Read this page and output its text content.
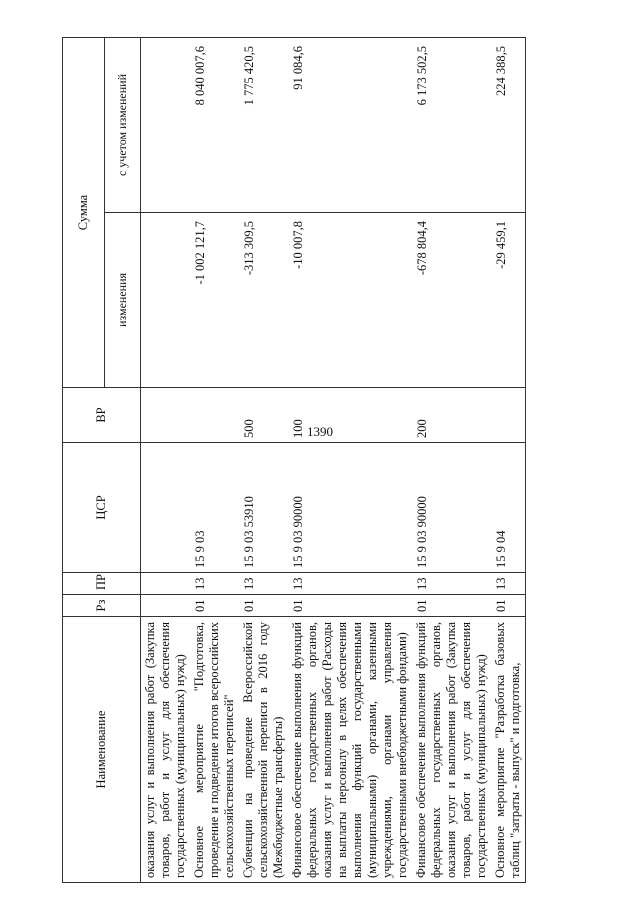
1390
Наименование	Рз	ПР	ЦСР	ВР	Сумма	
					изменения	с учетом изменений
оказания услуг и выполнения работ (Закупка товаров, работ и услуг для обеспечения государственных (муниципальных) нужд)						
Основное мероприятие "Подготовка, проведение и подведение итогов всероссийских сельскохозяйственных переписей"	01	13	15 9 03		-1 002 121,7	8 040 007,6
Субвенции на проведение Всероссийской сельскохозяйственной переписи в 2016 году (Межбюджетные трансферты)	01	13	15 9 03 53910	500	-313 309,5	1 775 420,5
Финансовое обеспечение выполнения функций федеральных государственных органов, оказания услуг и выполнения работ (Расходы на выплаты персоналу в целях обеспечения выполнения функций государственными (муниципальными) органами, казенными учреждениями, органами управления государственными внебюджетными фондами)	01	13	15 9 03 90000	100	-10 007,8	91 084,6
Финансовое обеспечение выполнения функций федеральных государственных органов, оказания услуг и выполнения работ (Закупка товаров, работ и услуг для обеспечения государственных (муниципальных) нужд)	01	13	15 9 03 90000	200	-678 804,4	6 173 502,5
Основное мероприятие "Разработка базовых таблиц "затраты - выпуск" и подготовка,	01	13	15 9 04		-29 459,1	224 388,5
